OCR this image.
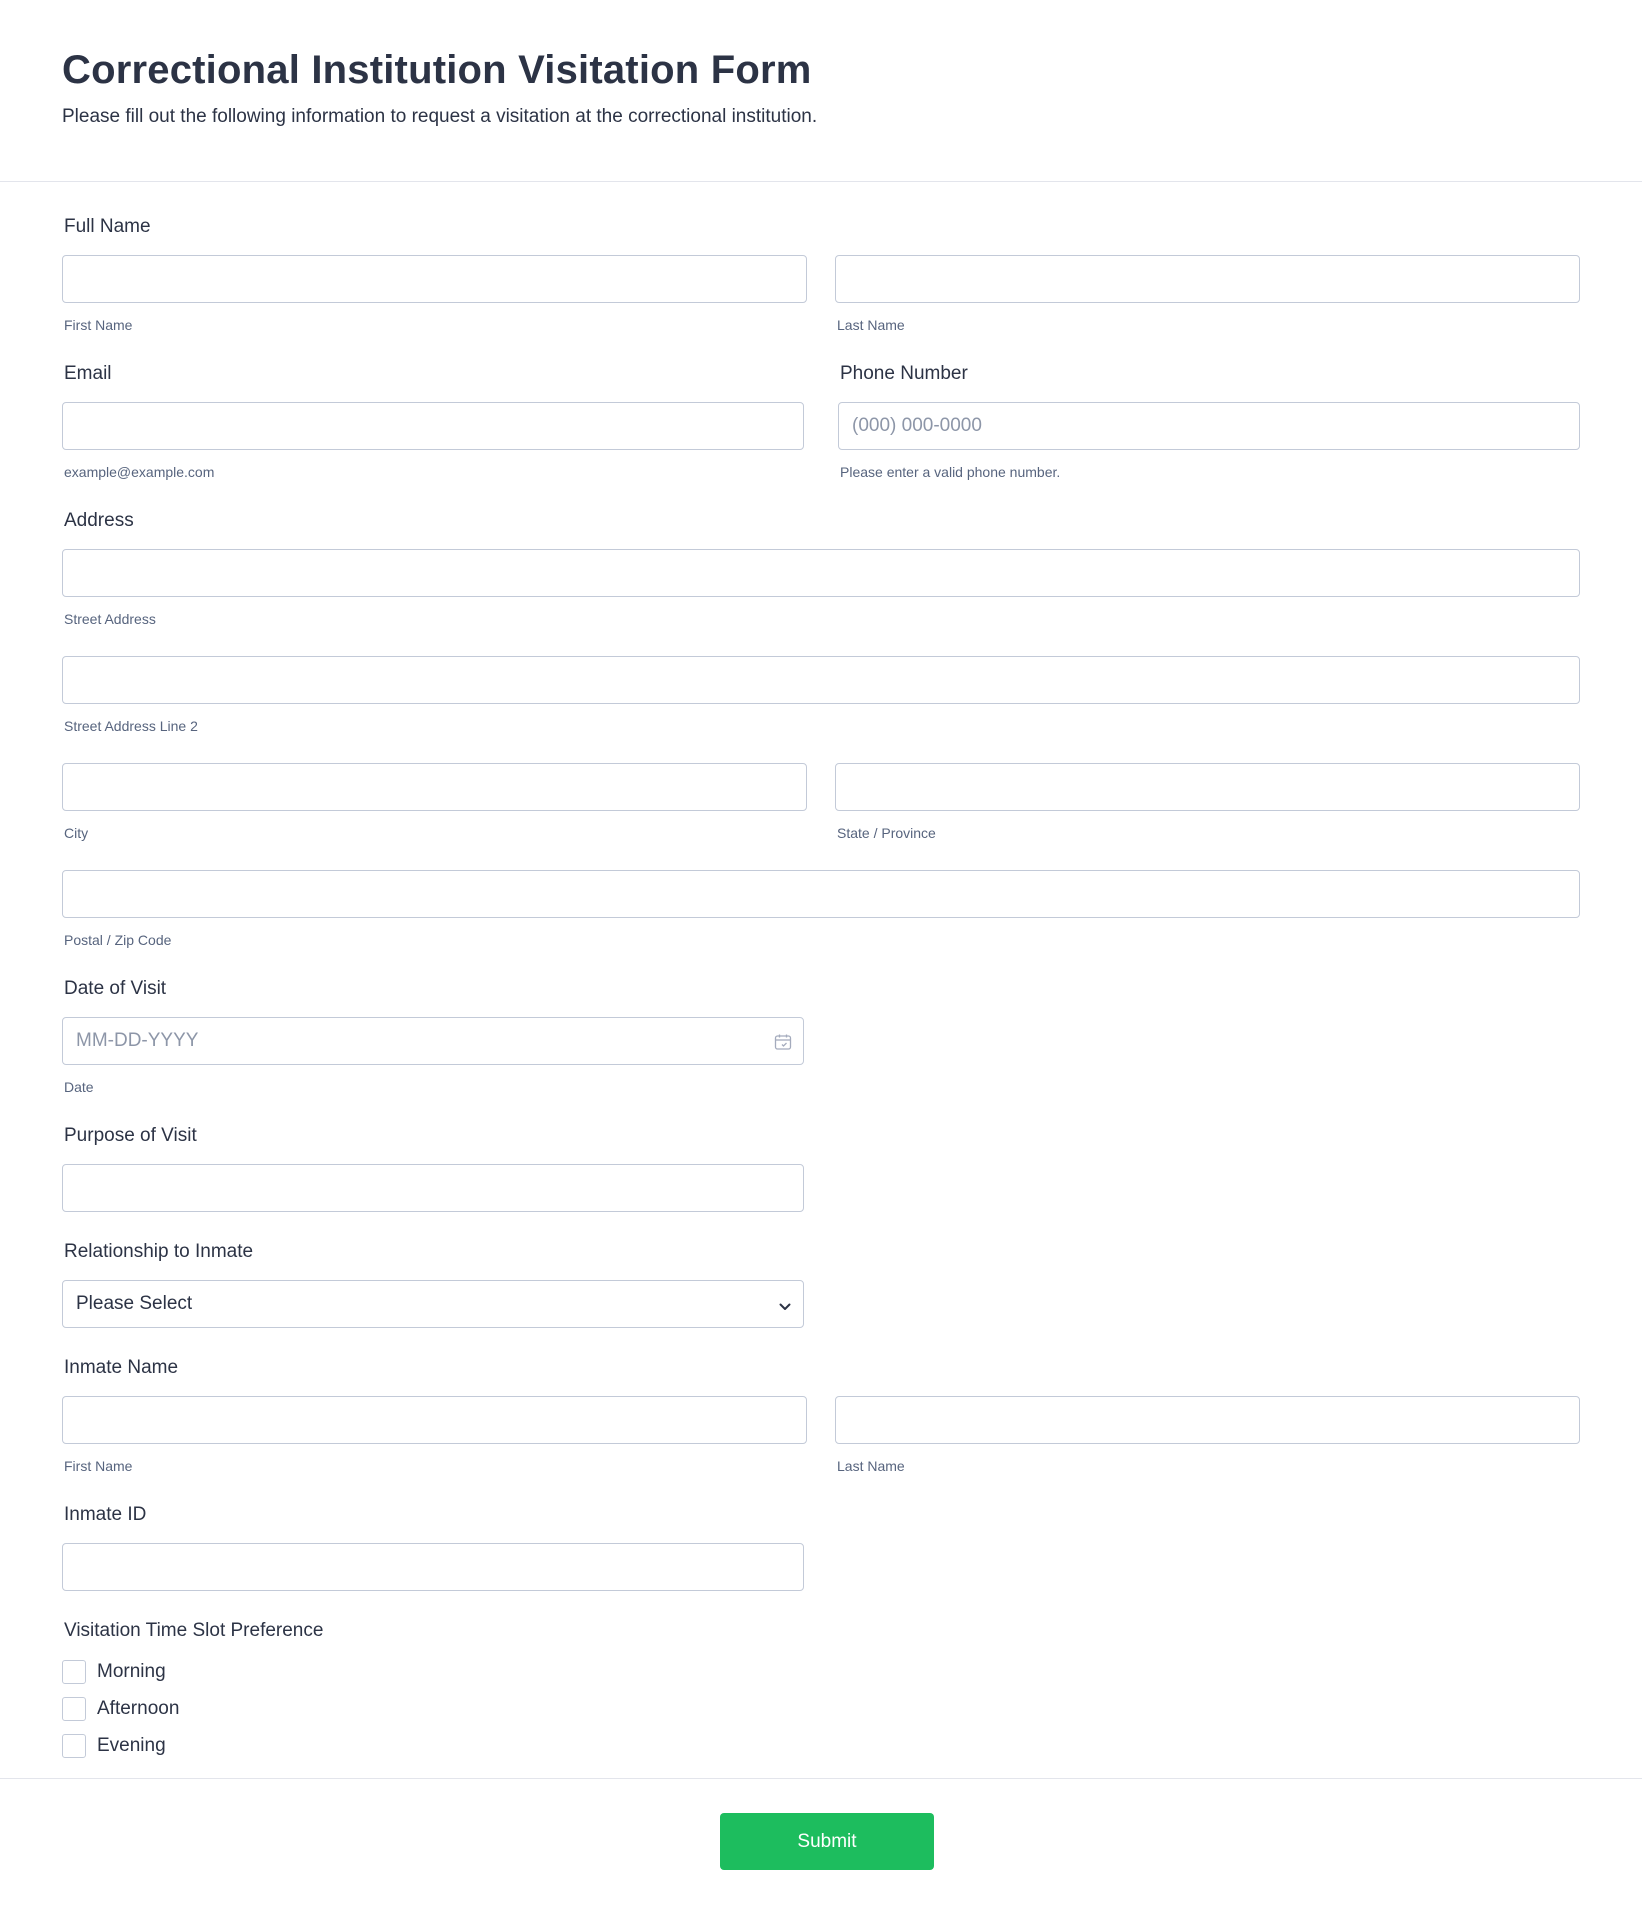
Correctional Institution Visitation Form
Please fill out the following information to request a visitation at the correctional institution.
Full Name
First Name	Last Name
Email
example@example.com
Phone Number
(000) 000-0000
Please enter a valid phone number.
Address
Street Address
Street Address Line 2
City	State / Province
Postal / Zip Code
Date of Visit
MM-DD-YYYY
Date
Purpose of Visit
Relationship to Inmate
Please Select
Inmate Name
First Name	Last Name
Inmate ID
Visitation Time Slot Preference
Morning
Afternoon
Evening
Submit
